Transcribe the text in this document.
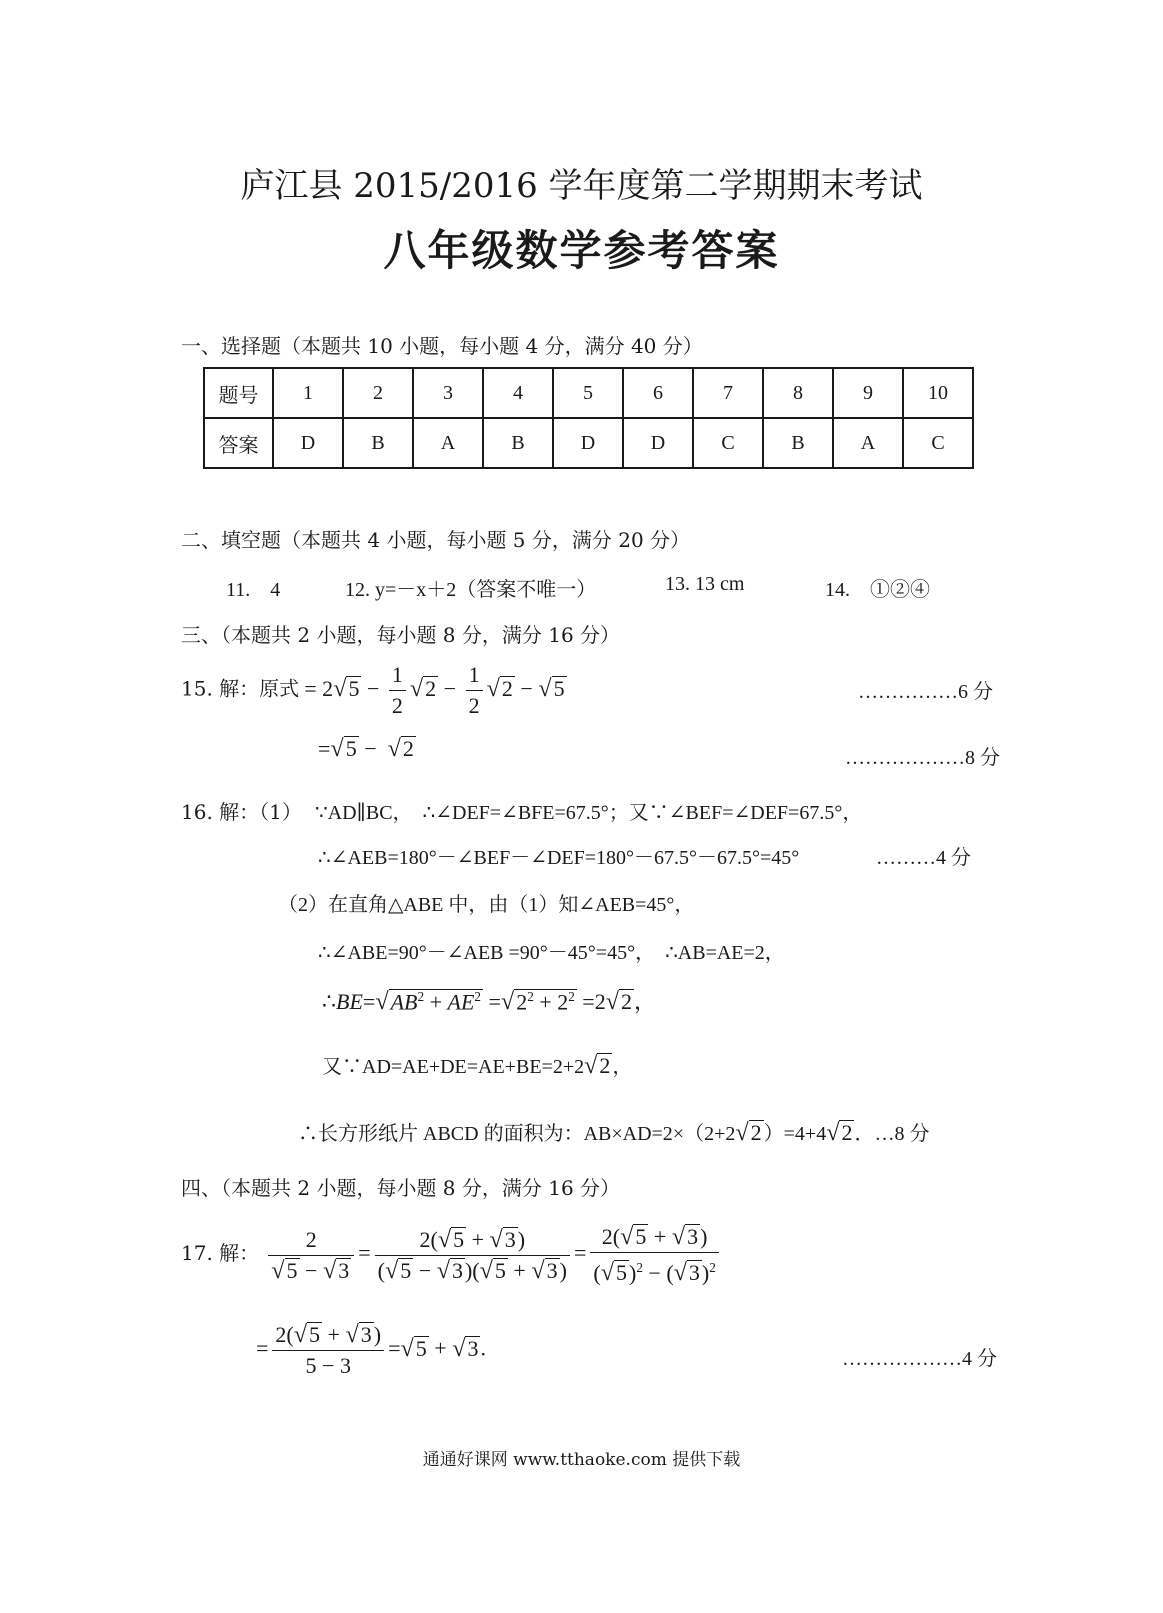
庐江县 2015/2016 学年度第二学期期末考试
八年级数学参考答案
一、选择题（本题共 10 小题，每小题 4 分，满分 40 分）
题号	1	2	3	4	5	6	7	8	9	10
答案	D	B	A	B	D	D	C	B	A	C
二、填空题（本题共 4 小题，每小题 5 分，满分 20 分）
11.　4	12. y=－x＋2（答案不唯一）	13. 13 cm	14.　①②④
三、（本题共 2 小题，每小题 8 分，满分 16 分）
15. 解：原式 = $2√5 - \frac{1}{2} √2 - \frac{1}{2} √2 - √5$	……………6 分
=√5 −  √2	………………8 分
16. 解：（1） ∵AD∥BC，　∴∠DEF=∠BFE=67.5°；又∵∠BEF=∠DEF=67.5°，
∴∠AEB=180°－∠BEF－∠DEF=180°－67.5°－67.5°=45°	………4 分
（2）在直角△ABE 中，由（1）知∠AEB=45°，
∴∠ABE=90°－∠AEB =90°－45°=45°，　∴AB=AE=2，
$\therefore BE=√AB^2 + AE^2 =√2^2 + 2^2 =2√2$，
又∵AD=AE+DE=AE+BE=2+2√2 ，
∴长方形纸片 ABCD 的面积为：AB×AD=2×（2+2√2 ）=4+4√2 ．…8 分
四、（本题共 2 小题，每小题 8 分，满分 16 分）
17. 解： $\frac{2}{√5 - √3} = \frac{2(√5 + √3)}{(√5 - √3)(√5 + √3)} = \frac{2(√5 + √3)}{(√5)^2 - (√3)^2}$
= $\frac{2(√5 + √3)}{5 - 3} =√5 + √3$.	………………4 分
通通好课网 www.tthaoke.com 提供下载
